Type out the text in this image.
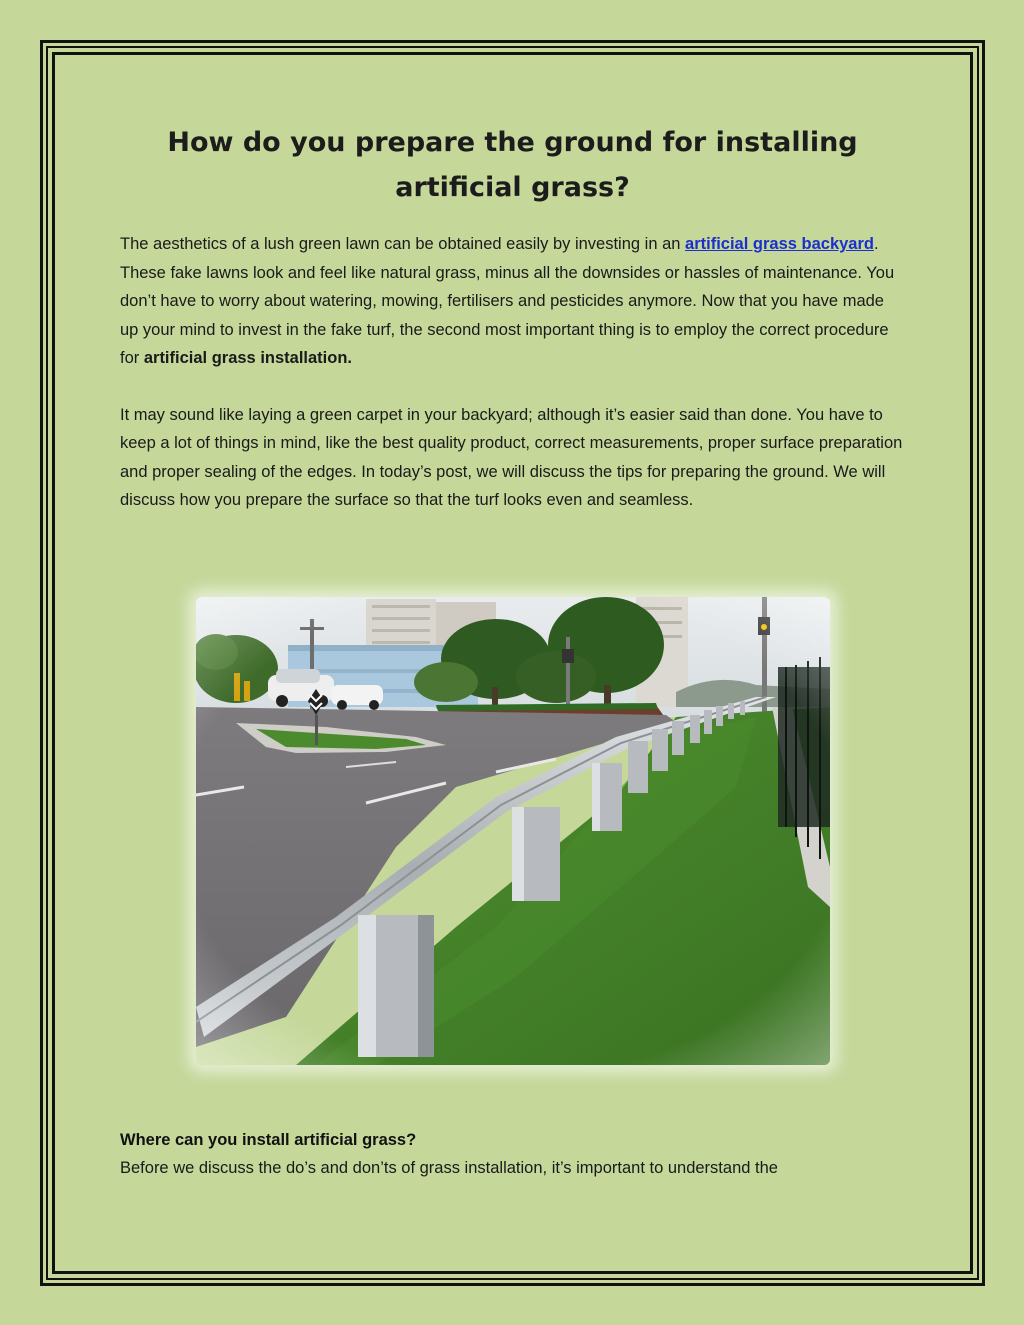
How do you prepare the ground for installing artificial grass?

The aesthetics of a lush green lawn can be obtained easily by investing in an artificial grass backyard. These fake lawns look and feel like natural grass, minus all the downsides or hassles of maintenance. You don’t have to worry about watering, mowing, fertilisers and pesticides anymore. Now that you have made up your mind to invest in the fake turf, the second most important thing is to employ the correct procedure for artificial grass installation.

It may sound like laying a green carpet in your backyard; although it’s easier said than done. You have to keep a lot of things in mind, like the best quality product, correct measurements, proper surface preparation and proper sealing of the edges. In today’s post, we will discuss the tips for preparing the ground. We will discuss how you prepare the surface so that the turf looks even and seamless.

Where can you install artificial grass?

Before we discuss the do’s and don’ts of grass installation, it’s important to understand the
